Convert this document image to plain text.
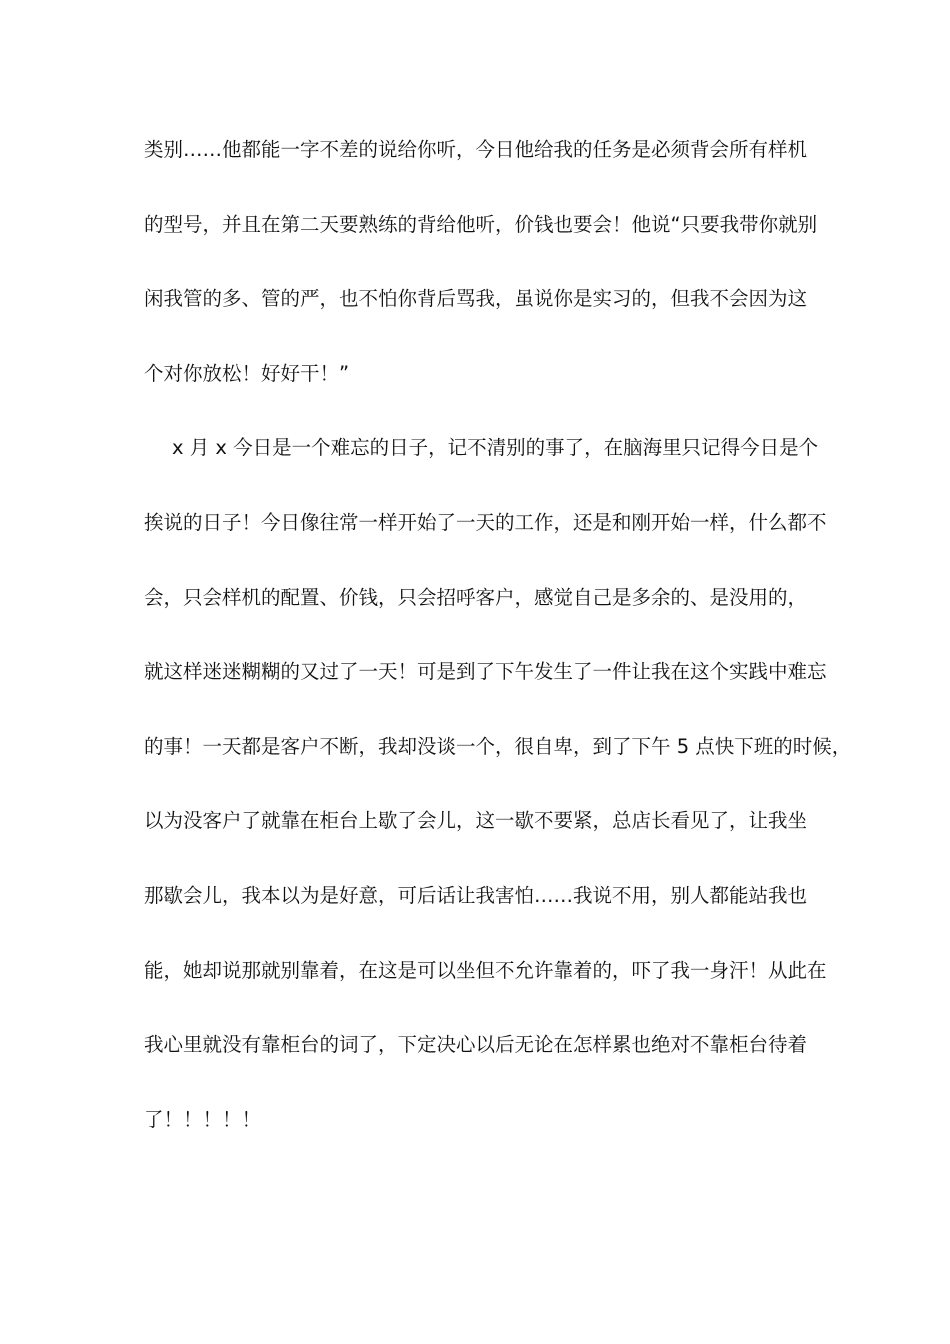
类别……他都能一字不差的说给你听，今日他给我的任务是必须背会所有样机
的型号，并且在第二天要熟练的背给他听，价钱也要会！他说“只要我带你就别
闲我管的多、管的严，也不怕你背后骂我，虽说你是实习的，但我不会因为这
个对你放松！好好干！”
x 月 x 今日是一个难忘的日子，记不清别的事了，在脑海里只记得今日是个
挨说的日子！今日像往常一样开始了一天的工作，还是和刚开始一样，什么都不
会，只会样机的配置、价钱，只会招呼客户，感觉自己是多余的、是没用的，
就这样迷迷糊糊的又过了一天！可是到了下午发生了一件让我在这个实践中难忘
的事！一天都是客户不断，我却没谈一个，很自卑，到了下午 5 点快下班的时候，
以为没客户了就靠在柜台上歇了会儿，这一歇不要紧，总店长看见了，让我坐
那歇会儿，我本以为是好意，可后话让我害怕……我说不用，别人都能站我也
能，她却说那就别靠着，在这是可以坐但不允许靠着的，吓了我一身汗！从此在
我心里就没有靠柜台的词了，下定决心以后无论在怎样累也绝对不靠柜台待着
了！！！！！
